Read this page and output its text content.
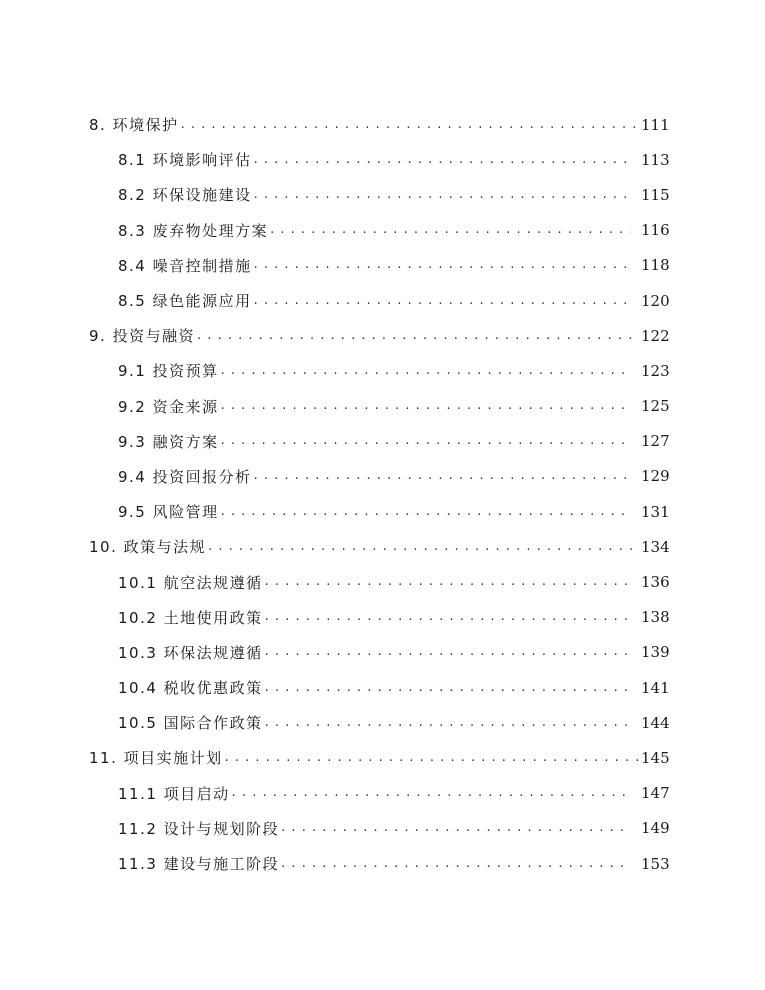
8. 环境保护 . . .	111
8.1 环境影响评估 . . .	113
8.2 环保设施建设 . . .	115
8.3 废弃物处理方案 . . .	116
8.4 噪音控制措施 . . .	118
8.5 绿色能源应用 . . .	120
9. 投资与融资 . . .	122
9.1 投资预算 . . .	123
9.2 资金来源 . . .	125
9.3 融资方案 . . .	127
9.4 投资回报分析 . . .	129
9.5 风险管理 . . .	131
10. 政策与法规 . . .	134
10.1 航空法规遵循 . . .	136
10.2 土地使用政策 . . .	138
10.3 环保法规遵循 . . .	139
10.4 税收优惠政策 . . .	141
10.5 国际合作政策 . . .	144
11. 项目实施计划 . . .	145
11.1 项目启动 . . .	147
11.2 设计与规划阶段 . . .	149
11.3 建设与施工阶段 . . .	153
